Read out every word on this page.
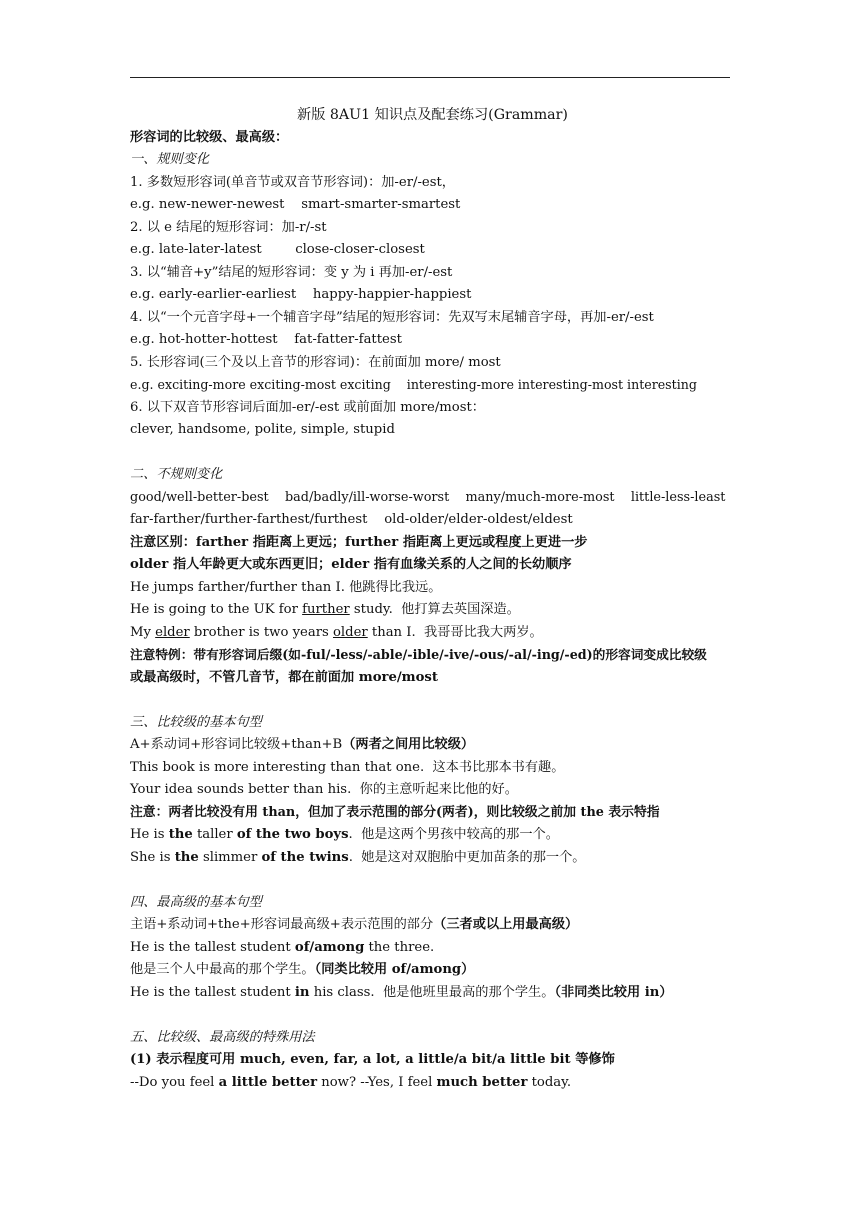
新版 8AU1 知识点及配套练习(Grammar)
形容词的比较级、最高级：
一、规则变化
1. 多数短形容词(单音节或双音节形容词)：加-er/-est，
e.g. new-newer-newest    smart-smarter-smartest
2. 以 e 结尾的短形容词：加-r/-st
e.g. late-later-latest        close-closer-closest
3. 以“辅音+y”结尾的短形容词：变 y 为 i 再加-er/-est
e.g. early-earlier-earliest    happy-happier-happiest
4. 以“一个元音字母+一个辅音字母”结尾的短形容词：先双写末尾辅音字母，再加-er/-est
e.g. hot-hotter-hottest    fat-fatter-fattest
5. 长形容词(三个及以上音节的形容词)：在前面加 more/ most
e.g. exciting-more exciting-most exciting    interesting-more interesting-most interesting
6. 以下双音节形容词后面加-er/-est 或前面加 more/most：
clever, handsome, polite, simple, stupid
二、不规则变化
good/well-better-best    bad/badly/ill-worse-worst    many/much-more-most    little-less-least
far-farther/further-farthest/furthest    old-older/elder-oldest/eldest
注意区别：farther 指距离上更远；further 指距离上更远或程度上更进一步
older 指人年龄更大或东西更旧；elder 指有血缘关系的人之间的长幼顺序
He jumps farther/further than I. 他跳得比我远。
He is going to the UK for further study.  他打算去英国深造。
My elder brother is two years older than I.  我哥哥比我大两岁。
注意特例：带有形容词后缀(如-ful/-less/-able/-ible/-ive/-ous/-al/-ing/-ed)的形容词变成比较级
或最高级时，不管几音节，都在前面加 more/most
三、比较级的基本句型
A+系动词+形容词比较级+than+B（两者之间用比较级）
This book is more interesting than that one.  这本书比那本书有趣。
Your idea sounds better than his.  你的主意听起来比他的好。
注意：两者比较没有用 than，但加了表示范围的部分(两者)，则比较级之前加 the 表示特指
He is the taller of the two boys.  他是这两个男孩中较高的那一个。
She is the slimmer of the twins.  她是这对双胞胎中更加苗条的那一个。
四、最高级的基本句型
主语+系动词+the+形容词最高级+表示范围的部分（三者或以上用最高级）
He is the tallest student of/among the three.
他是三个人中最高的那个学生。（同类比较用 of/among）
He is the tallest student in his class.  他是他班里最高的那个学生。（非同类比较用 in）
五、比较级、最高级的特殊用法
(1) 表示程度可用 much, even, far, a lot, a little/a bit/a little bit 等修饰
--Do you feel a little better now? --Yes, I feel much better today.
